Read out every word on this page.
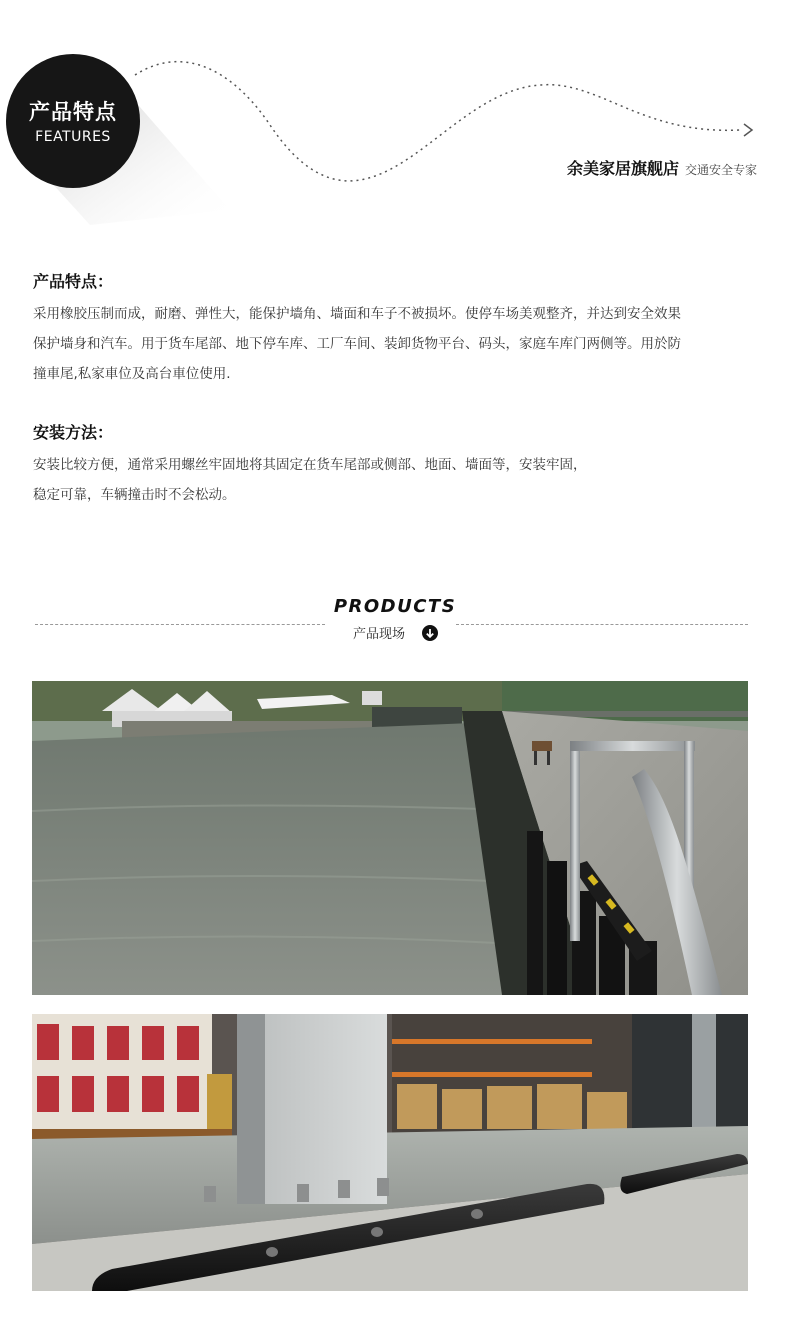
产品特点
FEATURES
余美家居旗舰店 交通安全专家
产品特点：

采用橡胶压制而成，耐磨、弹性大，能保护墙角、墙面和车子不被损坏。使停车场美观整齐，并达到安全效果

保护墙身和汽车。用于货车尾部、地下停车库、工厂车间、装卸货物平台、码头，家庭车库门两侧等。用於防

撞車尾,私家車位及高台車位使用.

安装方法：

安装比较方便，通常采用螺丝牢固地将其固定在货车尾部或侧部、地面、墙面等，安装牢固，

稳定可靠，车辆撞击时不会松动。

PRODUCTS
产品现场
